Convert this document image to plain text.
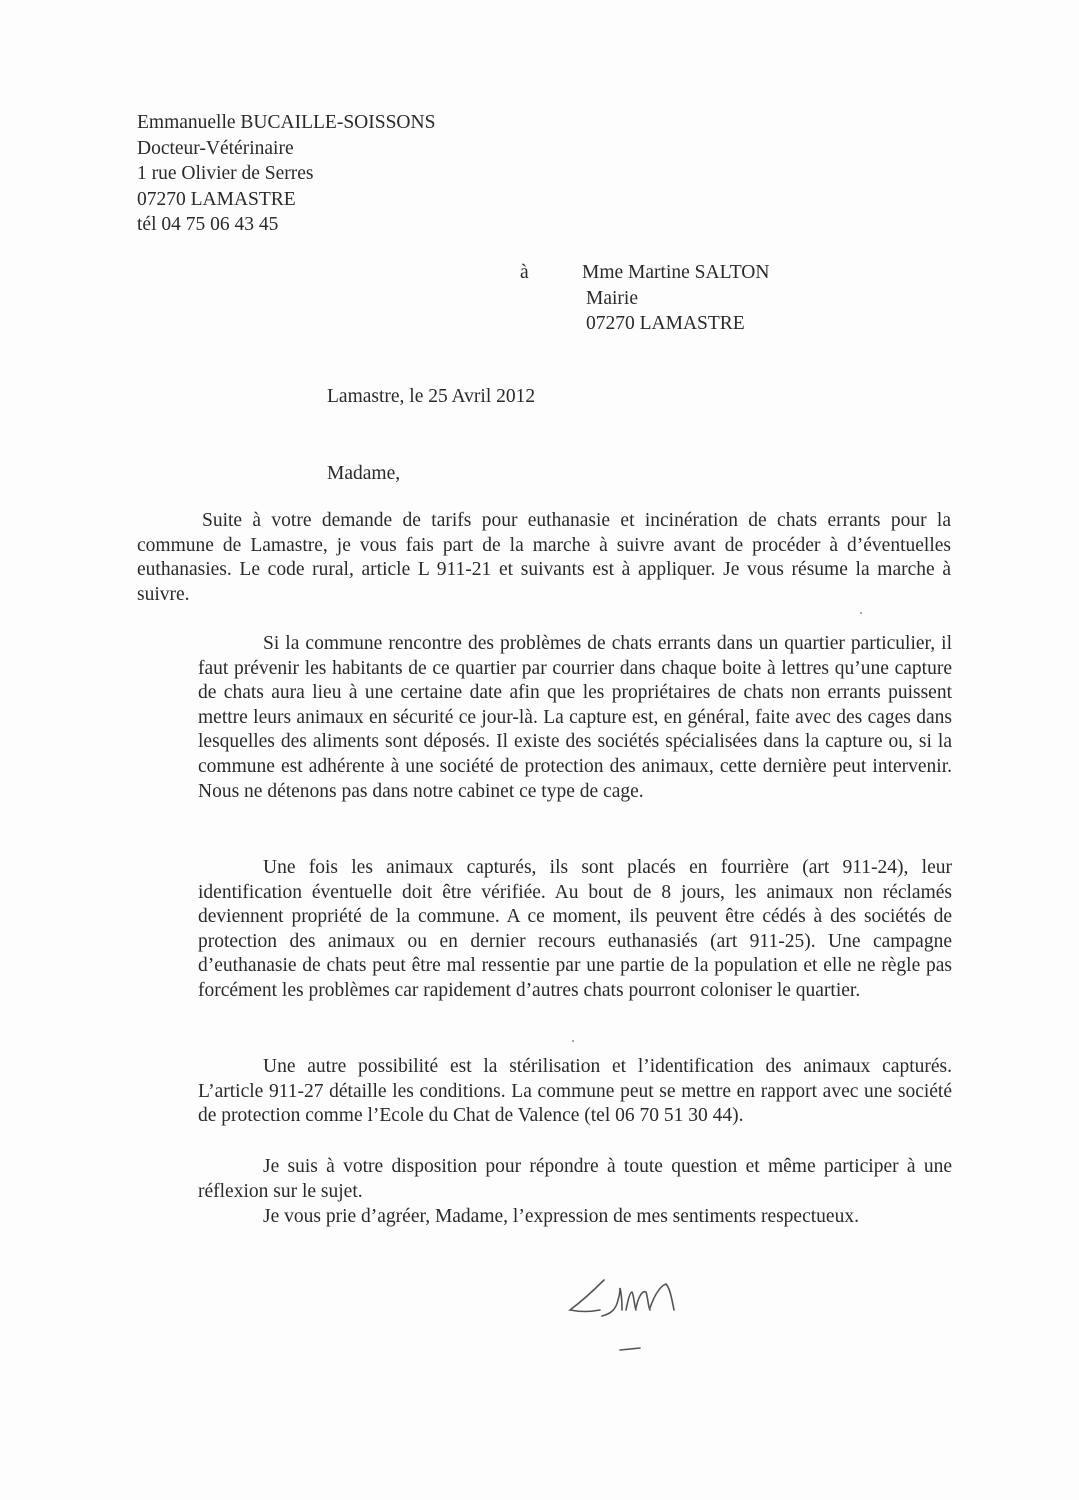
Emmanuelle BUCAILLE-SOISSONS
Docteur-Vétérinaire
1 rue Olivier de Serres
07270 LAMASTRE
tél 04 75 06 43 45
à	Mme Martine SALTON
Mairie
07270 LAMASTRE
Lamastre, le 25 Avril 2012
Madame,
Suite à votre demande de tarifs pour euthanasie et incinération de chats errants pour la commune de Lamastre, je vous fais part de la marche à suivre avant de procéder à d’éventuelles euthanasies. Le code rural, article L 911-21 et suivants est à appliquer. Je vous résume la marche à suivre.
Si la commune rencontre des problèmes de chats errants dans un quartier particulier, il faut prévenir les habitants de ce quartier par courrier dans chaque boite à lettres qu’une capture de chats aura lieu à une certaine date afin que les propriétaires de chats non errants puissent mettre leurs animaux en sécurité ce jour-là. La capture est, en général, faite avec des cages dans lesquelles des aliments sont déposés. Il existe des sociétés spécialisées dans la capture ou, si la commune est adhérente à une société de protection des animaux, cette dernière peut intervenir. Nous ne détenons pas dans notre cabinet ce type de cage.
Une fois les animaux capturés, ils sont placés en fourrière (art 911-24), leur identification éventuelle doit être vérifiée. Au bout de 8 jours, les animaux non réclamés deviennent propriété de la commune. A ce moment, ils peuvent être cédés à des sociétés de protection des animaux ou en dernier recours euthanasiés (art 911-25). Une campagne d’euthanasie de chats peut être mal ressentie par une partie de la population et elle ne règle pas forcément les problèmes car rapidement d’autres chats pourront coloniser le quartier.
Une autre possibilité est la stérilisation et l’identification des animaux capturés. L’article 911-27 détaille les conditions. La commune peut se mettre en rapport avec une société de protection comme l’Ecole du Chat de Valence (tel 06 70 51 30 44).
Je suis à votre disposition pour répondre à toute question et même participer à une réflexion sur le sujet.
Je vous prie d’agréer, Madame, l’expression de mes sentiments respectueux.
